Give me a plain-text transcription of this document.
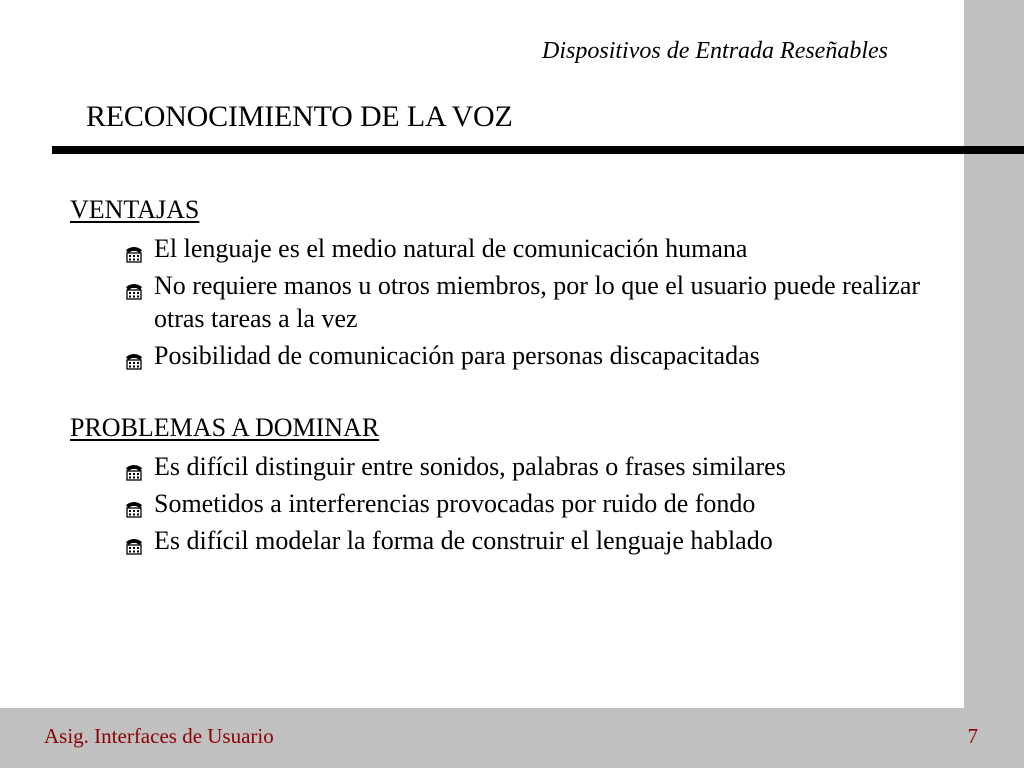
Dispositivos de Entrada Reseñables
RECONOCIMIENTO DE LA VOZ
VENTAJAS
El lenguaje es el medio natural de comunicación humana
No requiere manos u otros miembros, por lo que el usuario puede realizar otras tareas a la vez
Posibilidad de comunicación para personas discapacitadas
PROBLEMAS A DOMINAR
Es difícil distinguir entre sonidos, palabras o frases similares
Sometidos a interferencias provocadas por ruido de fondo
Es difícil modelar la forma de construir el lenguaje hablado
Asig. Interfaces de Usuario	7
